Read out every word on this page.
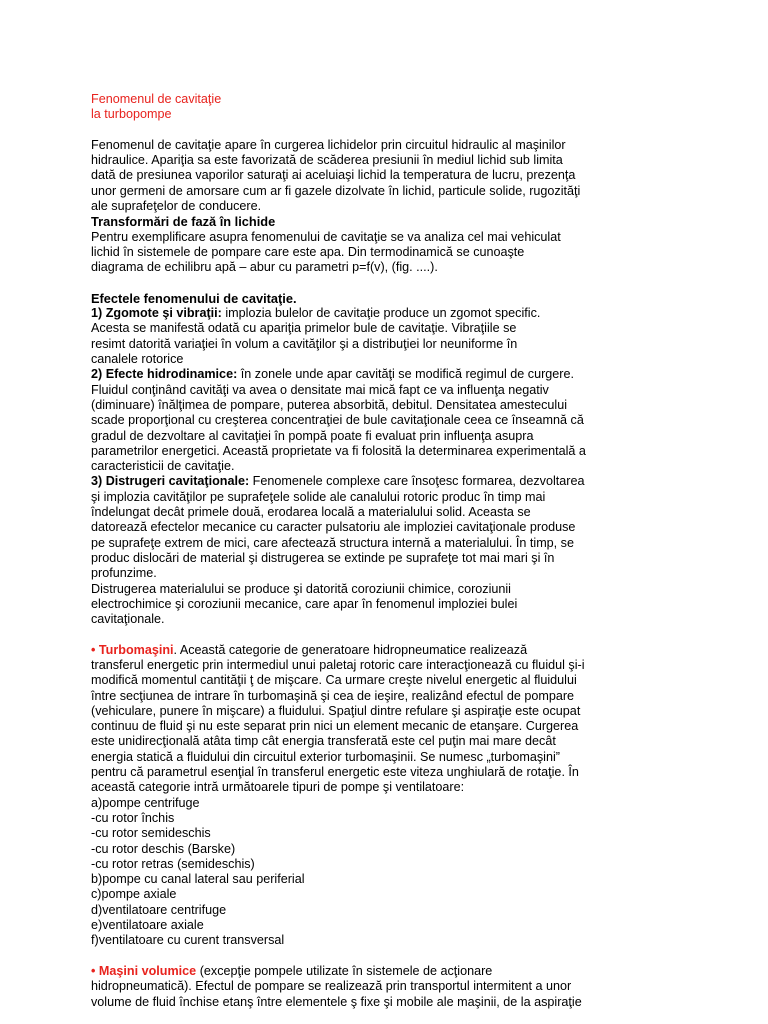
Fenomenul de cavitaţie
la turbopompe
Fenomenul de cavitaţie apare în curgerea lichidelor prin circuitul hidraulic al maşinilor
hidraulice. Apariţia sa este favorizată de scăderea presiunii în mediul lichid sub limita
dată de presiunea vaporilor saturaţi ai aceluiaşi lichid la temperatura de lucru, prezenţa
unor germeni de amorsare cum ar fi gazele dizolvate în lichid, particule solide, rugozităţi
ale suprafeţelor de conducere.
Transformări de fază în lichide
Pentru exemplificare asupra fenomenului de cavitaţie se va analiza cel mai vehiculat
lichid în sistemele de pompare care este apa. Din termodinamică se cunoaşte
diagrama de echilibru apă – abur cu parametri p=f(v), (fig. ....).
Efectele fenomenului de cavitaţie.
1) Zgomote şi vibraţii: implozia bulelor de cavitaţie produce un zgomot specific.
Acesta se manifestă odată cu apariţia primelor bule de cavitaţie. Vibraţiile se
resimt datorită variaţiei în volum a cavităţilor şi a distribuţiei lor neuniforme în
canalele rotorice
2) Efecte hidrodinamice: în zonele unde apar cavităţi se modifică regimul de curgere.
Fluidul conţinând cavităţi va avea o densitate mai mică fapt ce va influenţa negativ
(diminuare) înălţimea de pompare, puterea absorbită, debitul. Densitatea amestecului
scade proporţional cu creşterea concentraţiei de bule cavitaţionale ceea ce înseamnă că
gradul de dezvoltare al cavitaţiei în pompă poate fi evaluat prin influenţa asupra
parametrilor energetici. Această proprietate va fi folosită la determinarea experimentală a
caracteristicii de cavitaţie.
3) Distrugeri cavitaţionale: Fenomenele complexe care însoţesc formarea, dezvoltarea
şi implozia cavităţilor pe suprafeţele solide ale canalului rotoric produc în timp mai
îndelungat decât primele două, erodarea locală a materialului solid. Aceasta se
datorează efectelor mecanice cu caracter pulsatoriu ale imploziei cavitaţionale produse
pe suprafeţe extrem de mici, care afectează structura internă a materialului. În timp, se
produc dislocări de material şi distrugerea se extinde pe suprafeţe tot mai mari şi în
profunzime.
Distrugerea materialului se produce şi datorită coroziunii chimice, coroziunii
electrochimice şi coroziunii mecanice, care apar în fenomenul imploziei bulei
cavitaţionale.
• Turbomaşini. Această categorie de generatoare hidropneumatice realizează
transferul energetic prin intermediul unui paletaj rotoric care interacţionează cu fluidul şi-i
modifică momentul cantităţii ţ de mişcare. Ca urmare creşte nivelul energetic al fluidului
între secţiunea de intrare în turbomaşină şi cea de ieşire, realizând efectul de pompare
(vehiculare, punere în mişcare) a fluidului. Spaţiul dintre refulare şi aspiraţie este ocupat
continuu de fluid şi nu este separat prin nici un element mecanic de etanşare. Curgerea
este unidirecţională atâta timp cât energia transferată este cel puţin mai mare decât
energia statică a fluidului din circuitul exterior turbomaşinii. Se numesc „turbomaşini”
pentru că parametrul esenţial în transferul energetic este viteza unghiulară de rotaţie. În
această categorie intră următoarele tipuri de pompe şi ventilatoare:
a)pompe centrifuge
-cu rotor închis
-cu rotor semideschis
-cu rotor deschis (Barske)
-cu rotor retras (semideschis)
b)pompe cu canal lateral sau periferial
c)pompe axiale
d)ventilatoare centrifuge
e)ventilatoare axiale
f)ventilatoare cu curent transversal
• Maşini volumice (excepţie pompele utilizate în sistemele de acţionare
hidropneumatică). Efectul de pompare se realizează prin transportul intermitent a unor
volume de fluid închise etanş între elementele ş fixe şi mobile ale maşinii, de la aspiraţie
